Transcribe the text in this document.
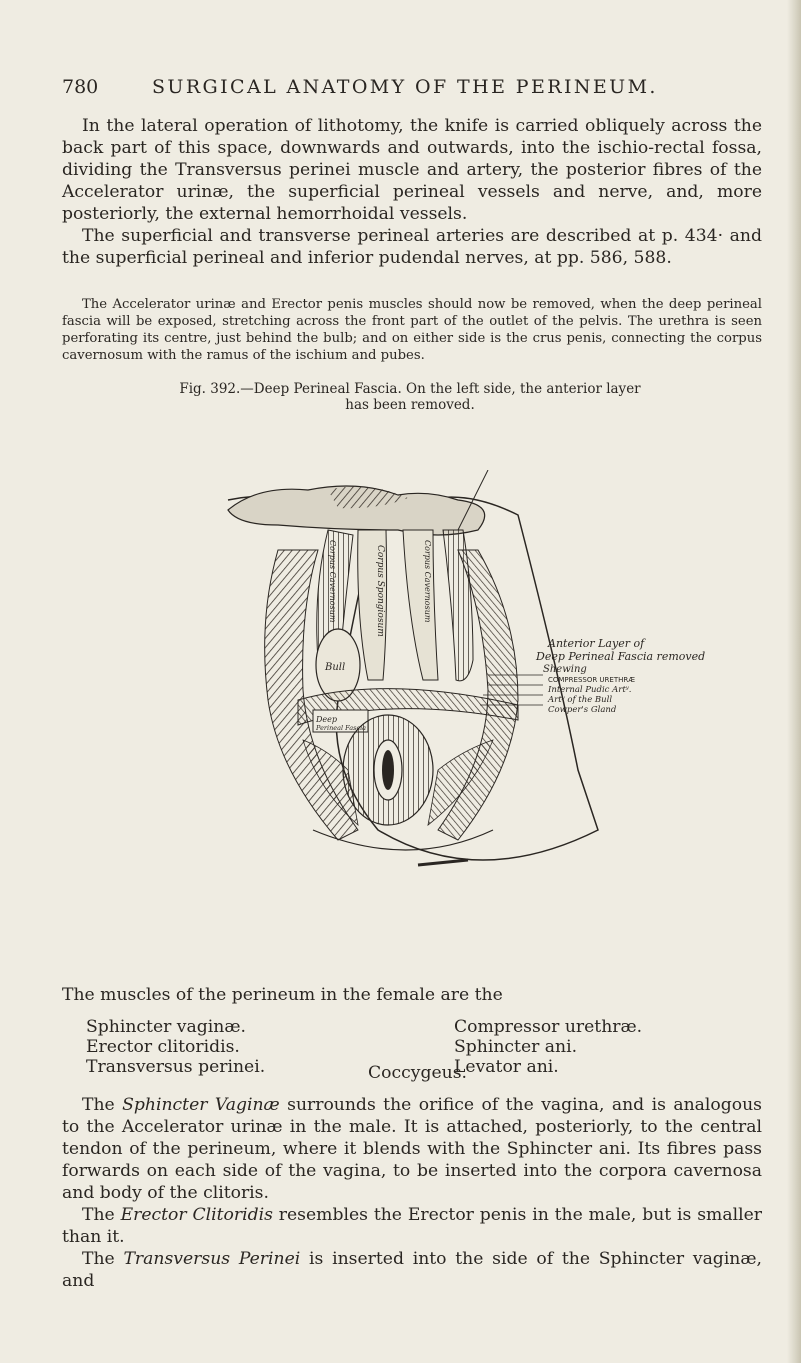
780	SURGICAL ANATOMY OF THE PERINEUM.

In the lateral operation of lithotomy, the knife is carried obliquely across the back part of this space, downwards and outwards, into the ischio-rectal fossa, dividing the Transversus perinei muscle and artery, the posterior fibres of the Accelerator urinæ, the superficial perineal vessels and nerve, and, more posteriorly, the external hemorrhoidal vessels.

The superficial and transverse perineal arteries are described at p. 434· and the superficial perineal and inferior pudendal nerves, at pp. 586, 588.

The Accelerator urinæ and Erector penis muscles should now be removed, when the deep perineal fascia will be exposed, stretching across the front part of the outlet of the pelvis. The urethra is seen perforating its centre, just behind the bulb; and on either side is the crus penis, connecting the corpus cavernosum with the ramus of the ischium and pubes.

Fig. 392.—Deep Perineal Fascia. On the left side, the anterior layer
has been removed.
Anterior Layer of
Deep Perineal Fascia removed
Shewing
COMPRESSOR URETHRÆ
Internal Pudic Artʸ.
Artʸ of the Bull
Cowper's Gland
Bull
Deep
Perineal Fascia
Corpus Spongiosum
Corpus Cavernosum	Corpus Cavernosum
The muscles of the perineum in the female are the
Sphincter vaginæ.
Erector clitoridis.
Transversus perinei.
Compressor urethræ.
Sphincter ani.
Levator ani.
Coccygeus.

The Sphincter Vaginæ surrounds the orifice of the vagina, and is analogous to the Accelerator urinæ in the male. It is attached, posteriorly, to the central tendon of the perineum, where it blends with the Sphincter ani. Its fibres pass forwards on each side of the vagina, to be inserted into the corpora cavernosa and body of the clitoris.

The Erector Clitoridis resembles the Erector penis in the male, but is smaller than it.

The Transversus Perinei is inserted into the side of the Sphincter vaginæ, and
